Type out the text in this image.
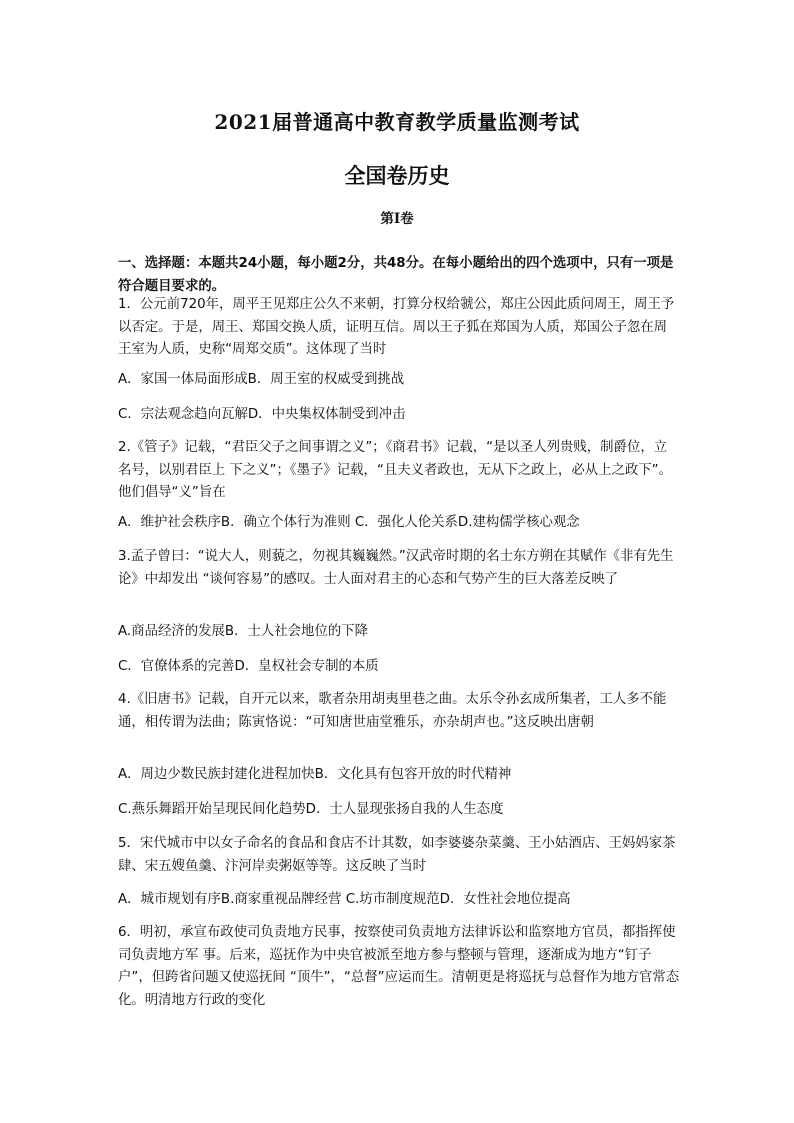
2021届普通高中教育教学质量监测考试
全国卷历史
第Ⅰ卷

一、选择题：本题共24小题，每小题2分，共48分。在每小题给出的四个选项中，只有一项是符合题目要求的。

1．公元前720年，周平王见郑庄公久不来朝，打算分权给虢公，郑庄公因此质问周王，周王予以否定。于是，周王、郑国交换人质，证明互信。周以王子狐在郑国为人质，郑国公子忽在周王室为人质，史称“周郑交质”。这体现了当时

A．家国一体局面形成B．周王室的权威受到挑战

C．宗法观念趋向瓦解D．中央集权体制受到冲击

2.《管子》记载，“君臣父子之间事谓之义”；《商君书》记载，“是以圣人列贵贱，制爵位，立名号，以别君臣上 下之义”；《墨子》记载，“且夫义者政也，无从下之政上，必从上之政下”。他们倡导“义”旨在

A．维护社会秩序B．确立个体行为准则 C．强化人伦关系D.建构儒学核心观念

3.孟子曾曰：“说大人，则藐之，勿视其巍巍然。”汉武帝时期的名士东方朔在其赋作《非有先生论》中却发出 “谈何容易”的感叹。士人面对君主的心态和气势产生的巨大落差反映了

A.商品经济的发展B．士人社会地位的下降

C．官僚体系的完善D．皇权社会专制的本质

4.《旧唐书》记载，自开元以来，歌者杂用胡夷里巷之曲。太乐令孙玄成所集者，工人多不能通，相传谓为法曲；陈寅恪说：“可知唐世庙堂雅乐，亦杂胡声也。”这反映出唐朝

A．周边少数民族封建化进程加快B．文化具有包容开放的时代精神

C.燕乐舞蹈开始呈现民间化趋势D．士人显现张扬自我的人生态度

5．宋代城市中以女子命名的食品和食店不计其数，如李婆婆杂菜羹、王小姑酒店、王妈妈家茶肆、宋五嫂鱼羹、汴河岸卖粥妪等等。这反映了当时

A．城市规划有序B.商家重视品牌经营 C.坊市制度规范D．女性社会地位提高

6．明初，承宣布政使司负责地方民事，按察使司负责地方法律诉讼和监察地方官员，都指挥使司负责地方军 事。后来，巡抚作为中央官被派至地方参与整顿与管理，逐渐成为地方“钉子户”，但跨省问题又使巡抚间 “顶牛”，“总督”应运而生。清朝更是将巡抚与总督作为地方官常态化。明清地方行政的变化
